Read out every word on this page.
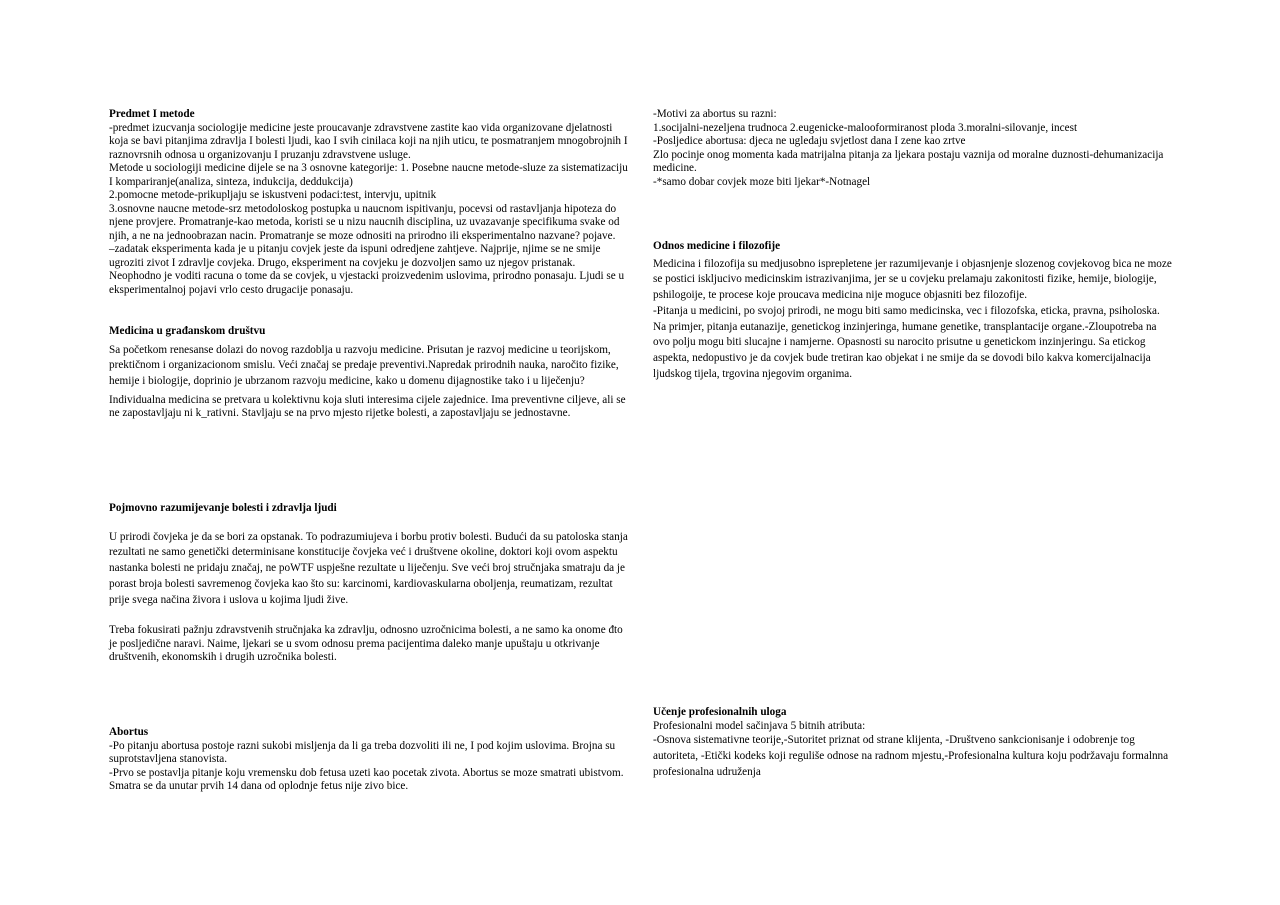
Predmet I metode

-predmet izucvanja sociologije medicine jeste proucavanje zdravstvene zastite kao vida organizovane djelatnosti koja se bavi pitanjima zdravlja I bolesti ljudi, kao I svih cinilaca koji na njih uticu, te posmatranjem mnogobrojnih I raznovrsnih odnosa u organizovanju I pruzanju zdravstvene usluge.

Metode u sociologiji medicine dijele se na 3 osnovne kategorije: 1. Posebne naucne metode-sluze za sistematizaciju I kompariranje(analiza, sinteza, indukcija, deddukcija)

2.pomocne metode-prikupljaju se iskustveni podaci:test, intervju, upitnik

3.osnovne naucne metode-srz metodoloskog postupka u naucnom ispitivanju, pocevsi od rastavljanja hipoteza do njene provjere. Promatranje-kao metoda, koristi se u nizu naucnih disciplina, uz uvazavanje specifikuma svake od njih, a ne na jednoobrazan nacin. Promatranje se moze odnositi na prirodno ili eksperimentalno nazvane? pojave.

–zadatak eksperimenta kada je u pitanju covjek jeste da ispuni odredjene zahtjeve. Najprije, njime se ne smije ugroziti zivot I zdravlje covjeka. Drugo, eksperiment na covjeku je dozvoljen samo uz njegov pristanak. Neophodno je voditi racuna o tome da se covjek, u vjestacki proizvedenim uslovima, prirodno ponasaju. Ljudi se u eksperimentalnoj pojavi vrlo cesto drugacije ponasaju.

Medicina u građanskom društvu

Sa početkom renesanse dolazi do novog razdoblja u razvoju medicine. Prisutan je razvoj medicine u teorijskom, prektičnom i organizacionom smislu. Veći značaj se predaje preventivi.Napredak prirodnih nauka, naročito fizike, hemije i biologije, doprinio je ubrzanom razvoju medicine, kako u domenu dijagnostike tako i u liječenju?

Individualna medicina se pretvara u kolektivnu koja sluti interesima cijele zajednice. Ima preventivne ciljeve, ali se ne zapostavljaju ni k_rativni. Stavljaju se na prvo mjesto rijetke bolesti, a zapostavljaju se jednostavne.

Pojmovno razumijevanje bolesti i zdravlja ljudi

U prirodi čovjeka je da se bori za opstanak. To podrazumiujeva i borbu protiv bolesti. Budući da su patoloska stanja rezultati ne samo genetički determinisane konstitucije čovjeka već i društvene okoline, doktori koji ovom aspektu nastanka bolesti ne pridaju značaj, ne poWTF uspješne rezultate u liječenju. Sve veći broj stručnjaka smatraju da je porast broja bolesti savremenog čovjeka kao što su: karcinomi, kardiovaskularna oboljenja, reumatizam, rezultat prije svega načina živora i uslova u kojima ljudi žive.

Treba fokusirati pažnju zdravstvenih stručnjaka ka zdravlju, odnosno uzročnicima bolesti, a ne samo ka onome đto je posljedične naravi. Naime, ljekari se u svom odnosu prema pacijentima daleko manje upuštaju u otkrivanje društvenih, ekonomskih i drugih uzročnika bolesti.

Abortus

-Po pitanju abortusa postoje razni sukobi misljenja da li ga treba dozvoliti ili ne, I pod kojim uslovima. Brojna su suprotstavljena stanovista.

-Prvo se postavlja pitanje koju vremensku dob fetusa uzeti kao pocetak zivota. Abortus se moze smatrati ubistvom. Smatra se da unutar prvih 14 dana od oplodnje fetus nije zivo bice.

-Motivi za abortus su razni:

1.socijalni-nezeljena trudnoca 2.eugenicke-malooformiranost ploda 3.moralni-silovanje, incest

-Posljedice abortusa: djeca ne ugledaju svjetlost dana I zene kao zrtve

Zlo pocinje onog momenta kada matrijalna pitanja za ljekara postaju vaznija od moralne duznosti-dehumanizacija medicine.

-*samo dobar covjek moze biti ljekar*-Notnagel

Odnos medicine i filozofije

Medicina i filozofija su medjusobno isprepletene jer razumijevanje i objasnjenje slozenog covjekovog bica ne moze se postici iskljucivo medicinskim istrazivanjima, jer se u covjeku prelamaju zakonitosti fizike, hemije, biologije, pshilogoije, te procese koje proucava medicina nije moguce objasniti bez filozofije.

-Pitanja u medicini, po svojoj prirodi, ne mogu biti samo medicinska, vec i filozofska, eticka, pravna, psiholoska. Na primjer, pitanja eutanazije, genetickog inzinjeringa, humane genetike, transplantacije organe.-Zloupotreba na ovo polju mogu biti slucajne i namjerne. Opasnosti su narocito prisutne u genetickom inzinjeringu. Sa etickog aspekta, nedopustivo je da covjek bude tretiran kao objekat i ne smije da se dovodi bilo kakva komercijalnacija ljudskog tijela, trgovina njegovim organima.

Učenje profesionalnih uloga

Profesionalni model sačinjava 5 bitnih atributa:

-Osnova sistemativne teorije,-Sutoritet priznat od strane klijenta, -Društveno sankcionisanje i odobrenje tog autoriteta, -Etički kodeks koji reguliše odnose na radnom mjestu,-Profesionalna kultura koju podržavaju formalnna profesionalna udruženja
